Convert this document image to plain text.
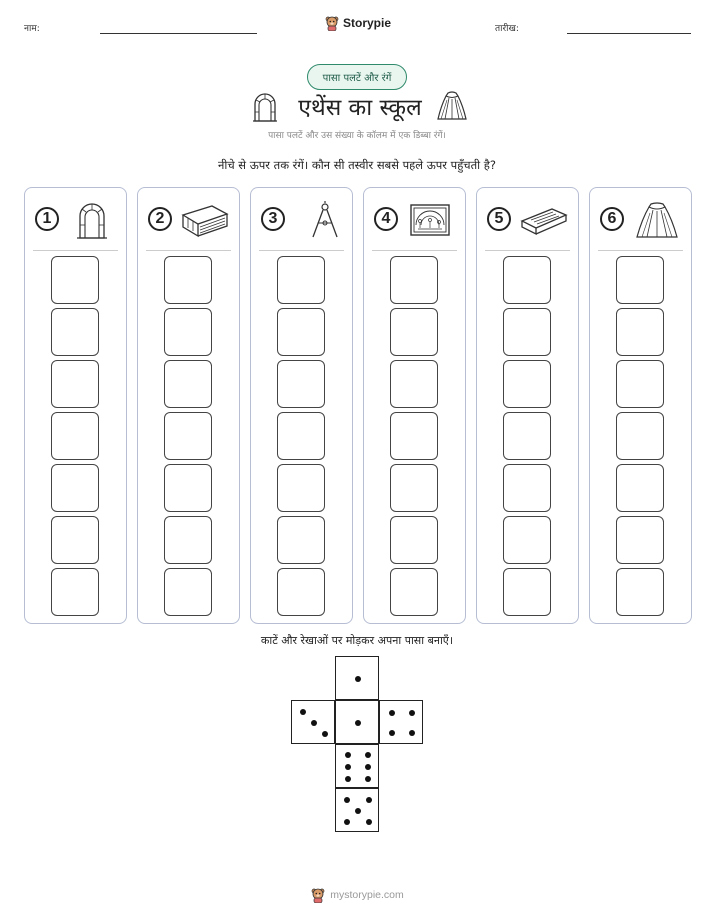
नाम:	Storypie	तारीख:
पासा पलटें और रंगें
एथेंस का स्कूल
पासा पलटें और उस संख्या के कॉलम में एक डिब्बा रंगें।
नीचे से ऊपर तक रंगें। कौन सी तस्वीर सबसे पहले ऊपर पहुँचती है?
1	2	3	4	5	6
काटें और रेखाओं पर मोड़कर अपना पासा बनाएँ।
mystorypie.com
